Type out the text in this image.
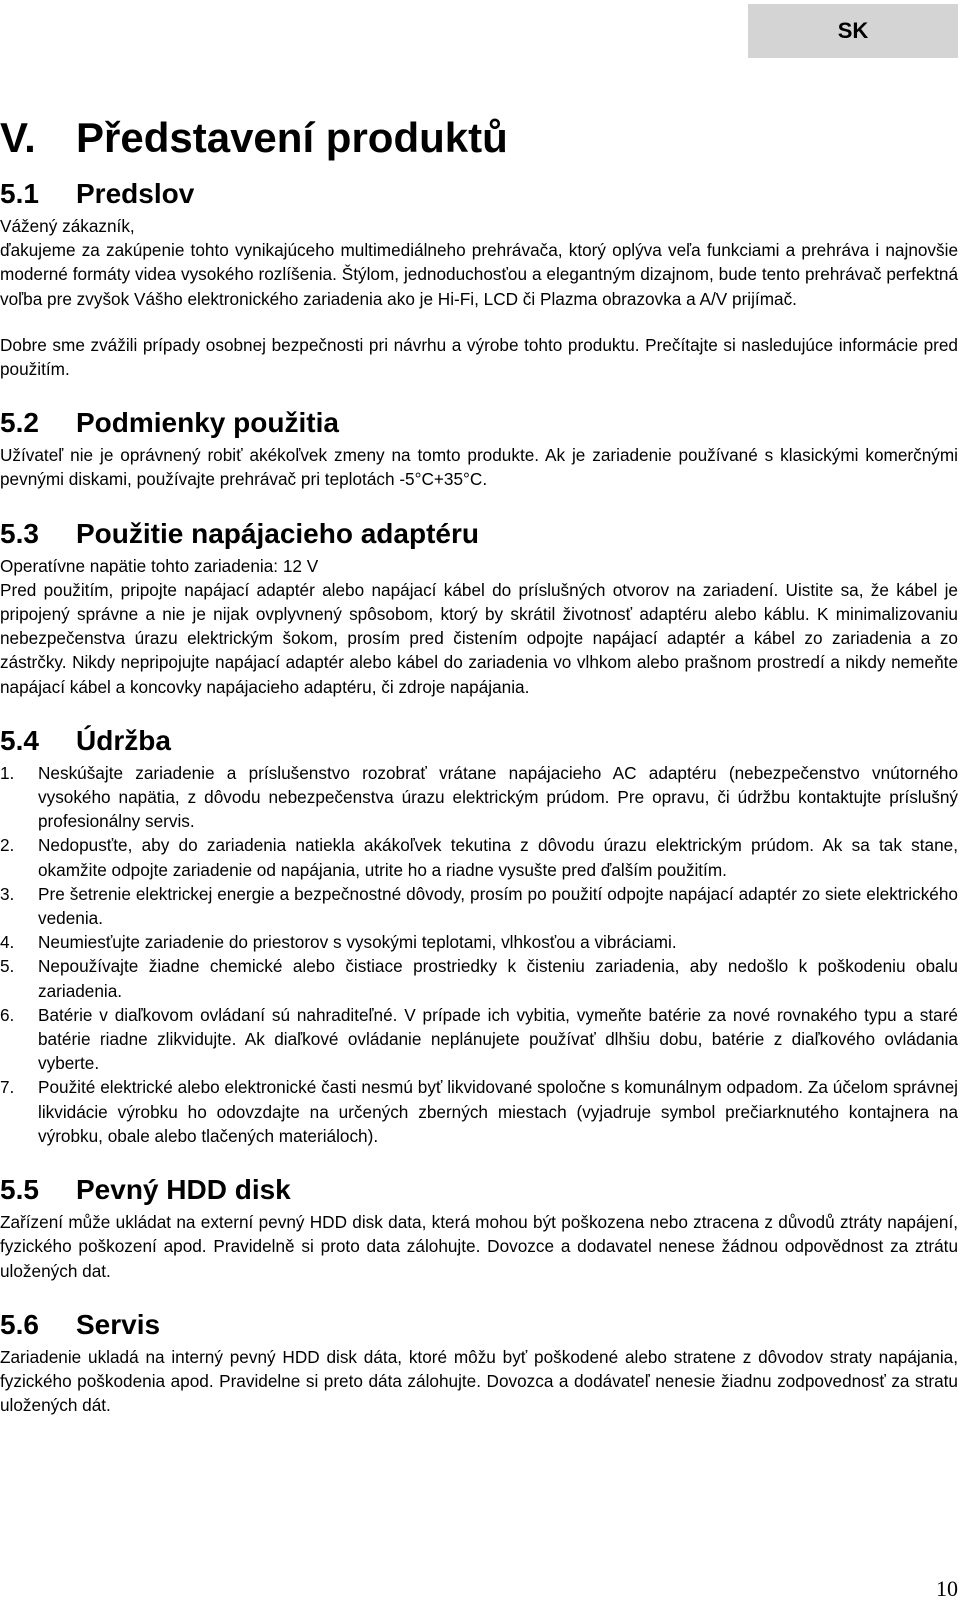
SK
V. Představení produktů
5.1	Predslov

Vážený zákazník,

ďakujeme za zakúpenie tohto vynikajúceho multimediálneho prehrávača, ktorý oplýva veľa funkciami a prehráva i najnovšie moderné formáty videa vysokého rozlíšenia. Štýlom, jednoduchosťou a elegantným dizajnom, bude tento prehrávač perfektná voľba pre zvyšok Vášho elektronického zariadenia ako je Hi-Fi, LCD či Plazma obrazovka a A/V prijímač.

Dobre sme zvážili prípady osobnej bezpečnosti pri návrhu a výrobe tohto produktu. Prečítajte si nasledujúce informácie pred použitím.

5.2	Podmienky použitia

Užívateľ nie je oprávnený robiť akékoľvek zmeny na tomto produkte. Ak je zariadenie používané s klasickými komerčnými pevnými diskami, používajte prehrávač pri teplotách -5°C+35°C.

5.3	Použitie napájacieho adaptéru

Operatívne napätie tohto zariadenia: 12 V

Pred použitím, pripojte napájací adaptér alebo napájací kábel do príslušných otvorov na zariadení. Uistite sa, že kábel je pripojený správne a nie je nijak ovplyvnený spôsobom, ktorý by skrátil životnosť adaptéru alebo káblu. K minimalizovaniu nebezpečenstva úrazu elektrickým šokom, prosím pred čistením odpojte napájací adaptér a kábel zo zariadenia a zo zástrčky. Nikdy nepripojujte napájací adaptér alebo kábel do zariadenia vo vlhkom alebo prašnom prostredí a nikdy nemeňte napájací kábel a koncovky napájacieho adaptéru, či zdroje napájania.

5.4	Údržba
1.	Neskúšajte zariadenie a príslušenstvo rozobrať vrátane napájacieho AC adaptéru (nebezpečenstvo vnútorného vysokého napätia, z dôvodu nebezpečenstva úrazu elektrickým prúdom. Pre opravu, či údržbu kontaktujte príslušný profesionálny servis.
2.	Nedopusťte, aby do zariadenia natiekla akákoľvek tekutina z dôvodu úrazu elektrickým prúdom. Ak sa tak stane, okamžite odpojte zariadenie od napájania, utrite ho a riadne vysušte pred ďalším použitím.
3.	Pre šetrenie elektrickej energie a bezpečnostné dôvody, prosím po použití odpojte napájací adaptér zo siete elektrického vedenia.
4.	Neumiesťujte zariadenie do priestorov s vysokými teplotami, vlhkosťou a vibráciami.
5.	Nepoužívajte žiadne chemické alebo čistiace prostriedky k čisteniu zariadenia, aby nedošlo k poškodeniu obalu zariadenia.
6.	Batérie v diaľkovom ovládaní sú nahraditeľné. V prípade ich vybitia, vymeňte batérie za nové rovnakého typu a staré batérie riadne zlikvidujte. Ak diaľkové ovládanie neplánujete používať dlhšiu dobu, batérie z diaľkového ovládania vyberte.
7.	Použité elektrické alebo elektronické časti nesmú byť likvidované spoločne s komunálnym odpadom. Za účelom správnej likvidácie výrobku ho odovzdajte na určených zberných miestach (vyjadruje symbol prečiarknutého kontajnera na výrobku, obale alebo tlačených materiáloch).
5.5	Pevný HDD disk

Zařízení může ukládat na externí pevný HDD disk data, která mohou být poškozena nebo ztracena z důvodů ztráty napájení, fyzického poškození apod. Pravidelně si proto data zálohujte. Dovozce a dodavatel nenese žádnou odpovědnost za ztrátu uložených dat.

5.6	Servis

Zariadenie ukladá na interný pevný HDD disk dáta, ktoré môžu byť poškodené alebo stratene z dôvodov straty napájania, fyzického poškodenia apod. Pravidelne si preto dáta zálohujte. Dovozca a dodávateľ nenesie žiadnu zodpovednosť za stratu uložených dát.

10
